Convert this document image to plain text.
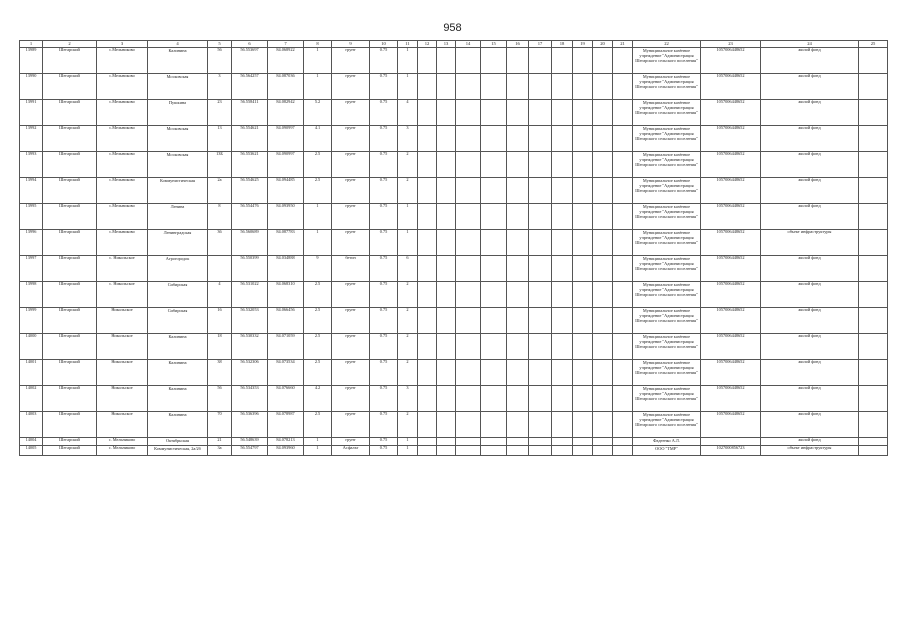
958
1	2	3	4	5	6	7	8	9	10	11	12	13	14	15	16	17	18	19	20	21	22	23	24	25
13989	Шегарский	с.Мельниково	Калинина	56	56.553697	84.068922	1	грунт	0.75	1											Муниципальное казённое учреждение "Администрация Шегарского сельского поселения"	1057006448652	жилой фонд	
13990	Шегарский	с.Мельниково	Московская	3	56.564257	84.087036	1	грунт	0.75	1											Муниципальное казённое учреждение "Администрация Шегарского сельского поселения"	1057006448652	жилой фонд	
13991	Шегарский	с.Мельниково	Пушкина	23	56.558411	84.082942	5.2	грунт	0.75	4											Муниципальное казённое учреждение "Администрация Шегарского сельского поселения"	1057006448652	жилой фонд	
13992	Шегарский	с.Мельниково	Московская	13	56.554621	84.090997	4.1	грунт	0.75	3											Муниципальное казённое учреждение "Администрация Шегарского сельского поселения"	1057006448652	жилой фонд	
13993	Шегарский	с.Мельниково	Московская	13Б	56.553621	84.090997	2.5	грунт	0.75	2											Муниципальное казённое учреждение "Администрация Шегарского сельского поселения"	1057006448652	жилой фонд	
13994	Шегарский	с.Мельниково	Коммунистическая	2а	56.554625	84.094485	2.5	грунт	0.75	2											Муниципальное казённое учреждение "Администрация Шегарского сельского поселения"	1057006448652	жилой фонд	
13995	Шегарский	с.Мельниково	Ленина	8	56.554476	84.093950	1	грунт	0.75	1											Муниципальное казённое учреждение "Администрация Шегарского сельского поселения"	1057006448652	жилой фонд	
13996	Шегарский	с.Мельниково	Ленинградская	36	56.560689	84.087783	1	грунт	0.75	1											Муниципальное казённое учреждение "Администрация Шегарского сельского поселения"	1057006448652	объект инфраструктуры	
13997	Шегарский	с. Никольское	Агрогородок		56.550399	84.034888	9	бетон	0.75	6											Муниципальное казённое учреждение "Администрация Шегарского сельского поселения"	1057006448652	жилой фонд	
13998	Шегарский	с. Никольское	Сибирская	4	56.531022	84.068310	2.5	грунт	0.75	2											Муниципальное казённое учреждение "Администрация Шегарского сельского поселения"	1057006448652	жилой фонд	
13999	Шегарский	Никольское	Сибирская	16	56.532053	84.066456	2.5	грунт	0.75	2											Муниципальное казённое учреждение "Администрация Шегарского сельского поселения"	1057006448652	жилой фонд	
14000	Шегарский	Никольское	Калинина	18	56.530332	84.071059	2.5	грунт	0.75	2											Муниципальное казённое учреждение "Администрация Шегарского сельского поселения"	1057006448652	жилой фонд	
14001	Шегарский	Никольское	Калинина	38	56.532306	84.073534	2.5	грунт	0.75	2											Муниципальное казённое учреждение "Администрация Шегарского сельского поселения"	1057006448652	жилой фонд	
14002	Шегарский	Никольское	Калинина	56	56.534353	84.076660	4.2	грунт	0.75	3											Муниципальное казённое учреждение "Администрация Шегарского сельского поселения"	1057006448652	жилой фонд	
14003	Шегарский	Никольское	Калинина	70	56.536396	84.078987	2.5	грунт	0.75	2											Муниципальное казённое учреждение "Администрация Шегарского сельского поселения"	1057006448652	жилой фонд	
14004	Шегарский	с. Мельниково	Октябрьская	21	56.548639	84.078213	1	грунт	0.75	1											Фадеенко А.Л.		жилой фонд	
14005	Шегарский	с. Мельниково	Коммунистическая, 2а/2б	3а	56.554797	84.093960	1	Асфальт	0.75	1											ООО "ТМР"	1027000856723	объект инфраструктуры	
